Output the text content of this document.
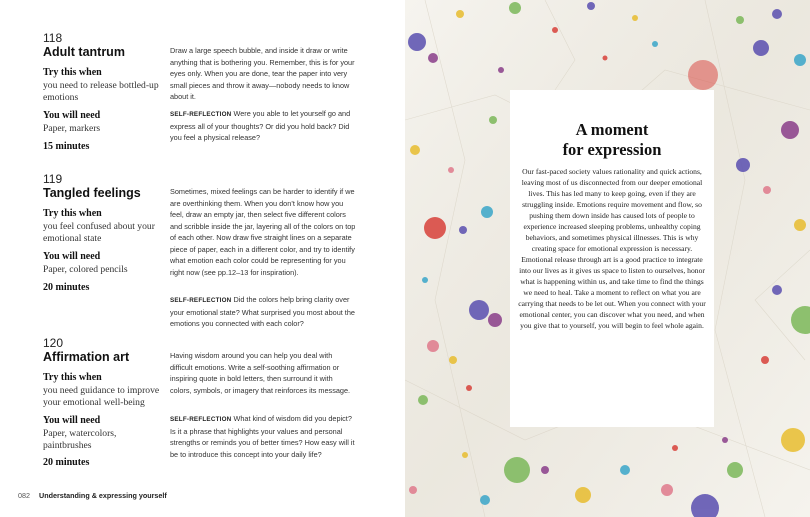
118
Adult tantrum
Try this when
you need to release bottled-up emotions
You will need
Paper, markers
15 minutes
Draw a large speech bubble, and inside it draw or write anything that is bothering you. Remember, this is for your eyes only. When you are done, tear the paper into very small pieces and throw it away—nobody needs to know about it.
SELF-REFLECTION Were you able to let yourself go and express all of your thoughts? Or did you hold back? Did you feel a physical release?
119
Tangled feelings
Try this when
you feel confused about your emotional state
You will need
Paper, colored pencils
20 minutes
Sometimes, mixed feelings can be harder to identify if we are overthinking them. When you don’t know how you feel, draw an empty jar, then select five different colors and scribble inside the jar, layering all of the colors on top of each other. Now draw five straight lines on a separate piece of paper, each in a different color, and try to identify what emotion each color could be representing for you right now (see pp.12–13 for inspiration).
SELF-REFLECTION Did the colors help bring clarity over your emotional state? What surprised you most about the emotions you connected with each color?
120
Affirmation art
Try this when
you need guidance to improve your emotional well-being
You will need
Paper, watercolors, paintbrushes
20 minutes
Having wisdom around you can help you deal with difficult emotions. Write a self-soothing affirmation or inspiring quote in bold letters, then surround it with colors, symbols, or imagery that reinforces its message.
SELF-REFLECTION What kind of wisdom did you depict? Is it a phrase that highlights your values and personal strengths or reminds you of better times? How easy will it be to introduce this concept into your daily life?
082 Understanding & expressing yourself
A moment
for expression
Our fast-paced society values rationality and quick actions, leaving most of us disconnected from our deeper emotional lives. This has led many to keep going, even if they are struggling inside. Emotions require movement and flow, so pushing them down inside has caused lots of people to experience increased sleeping problems, unhealthy coping behaviors, and sometimes physical illnesses. This is why creating space for emotional expression is necessary. Emotional release through art is a good practice to integrate into our lives as it gives us space to listen to ourselves, honor what is happening within us, and take time to find the things we need to heal. Take a moment to reflect on what you are carrying that needs to be let out. When you connect with your emotional center, you can discover what you need, and when you give that to yourself, you will begin to feel whole again.
